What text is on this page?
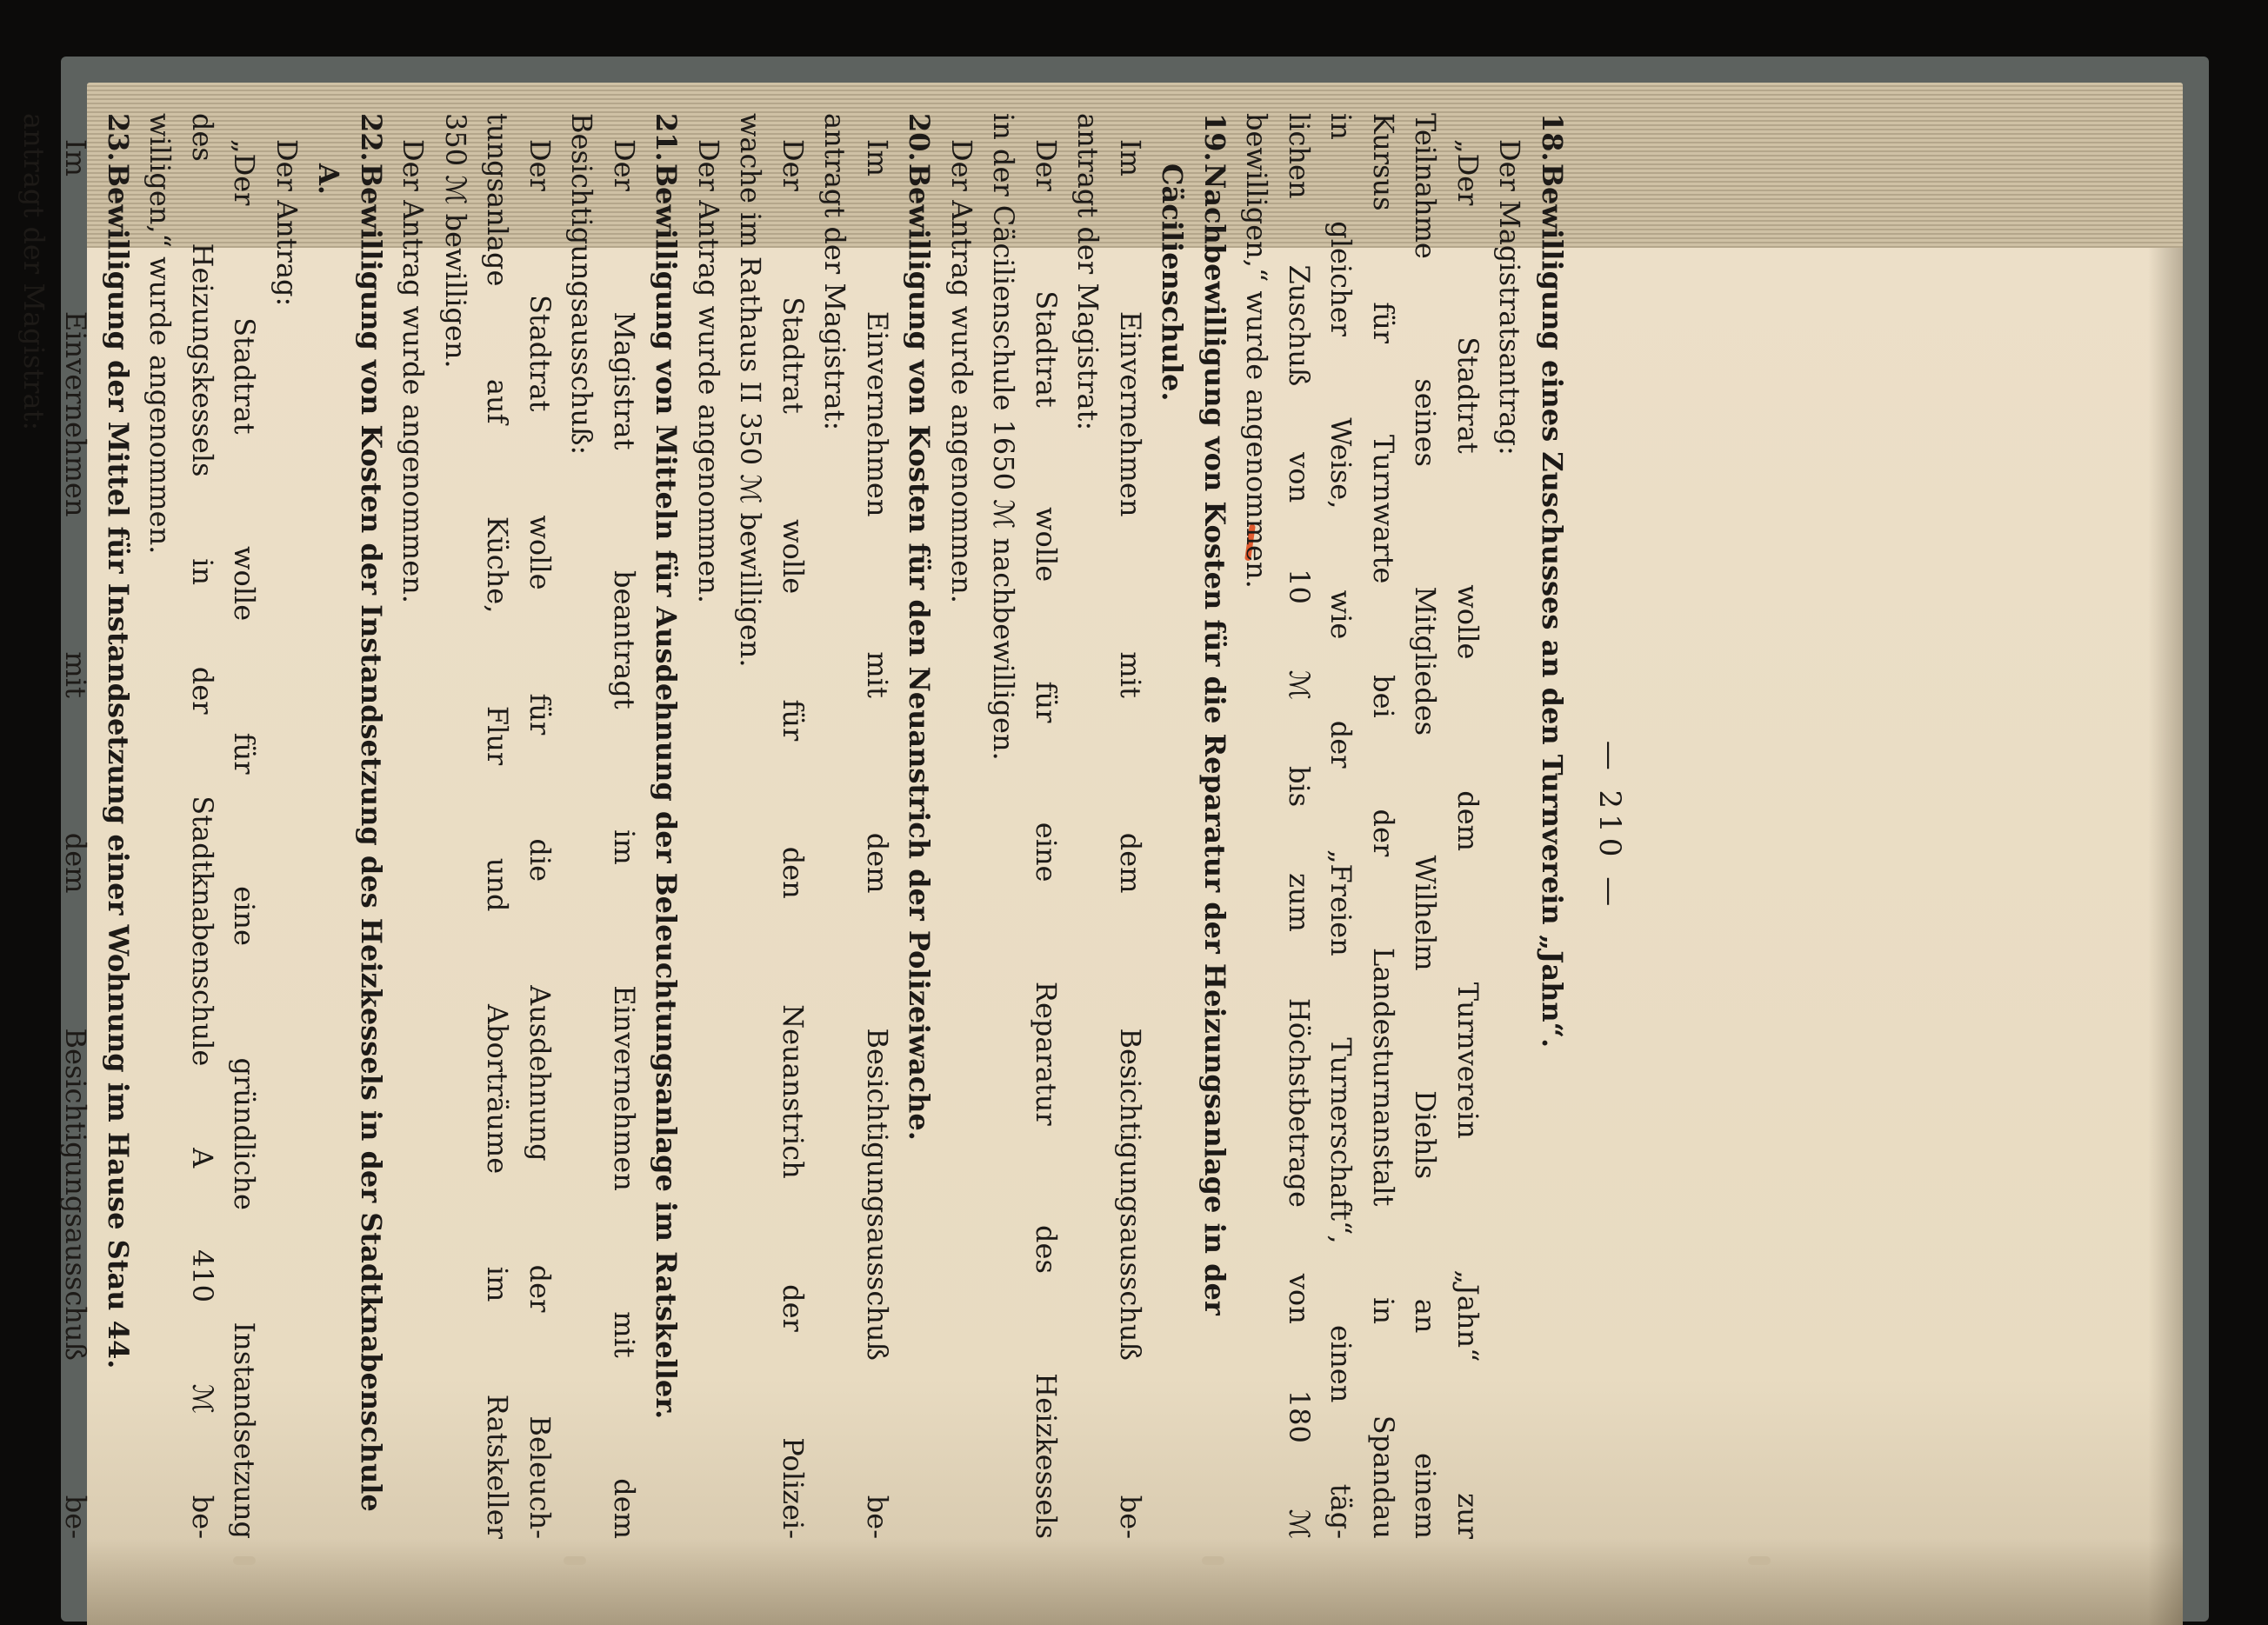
— 210 —
18.Bewilligung eines Zuschusses an den Turnverein „Jahn“.
Der Magistratsantrag:
„Der Stadtrat wolle dem Turnverein „Jahn“ zur
Teilnahme seines Mitgliedes Wilhelm Diehls an einem
Kursus für Turnwarte bei der Landesturnanstalt in Spandau
in gleicher Weise, wie der „Freien Turnerschaft“, einen täg-
lichen Zuschuß von 10 ℳ bis zum Höchstbetrage von 180 ℳ
bewilligen,“ wurde angenommen.
19.Nachbewilligung von Kosten für die Reparatur der Heizungsanlage in der Cäcilienschule.
Im Einvernehmen mit dem Besichtigungsausschuß be-
antragt der Magistrat:
Der Stadtrat wolle für eine Reparatur des Heizkessels
in der Cäcilienschule 1650 ℳ nachbewilligen.
Der Antrag wurde angenommen.
20.Bewilligung von Kosten für den Neuanstrich der Polizeiwache.
Im Einvernehmen mit dem Besichtigungsausschuß be-
antragt der Magistrat:
Der Stadtrat wolle für den Neuanstrich der Polizei-
wache im Rathaus II 350 ℳ bewilligen.
Der Antrag wurde angenommen.
21.Bewilligung von Mitteln für Ausdehnung der Beleuchtungsanlage im Ratskeller.
Der Magistrat beantragt im Einvernehmen mit dem
Besichtigungsausschuß:
Der Stadtrat wolle für die Ausdehnung der Beleuch-
tungsanlage auf Küche, Flur und Aborträume im Ratskeller
350 ℳ bewilligen.
Der Antrag wurde angenommen.
22.Bewilligung von Kosten der Instandsetzung des Heizkessels in der Stadtknabenschule A.
Der Antrag:
„Der Stadtrat wolle für eine gründliche Instandsetzung
des Heizungskessels in der Stadtknabenschule A 410 ℳ be-
willigen,“ wurde angenommen.
23.Bewilligung der Mittel für Instandsetzung einer Wohnung im Hause Stau 44.
Im Einvernehmen mit dem Besichtigungsausschuß be-
antragt der Magistrat:
